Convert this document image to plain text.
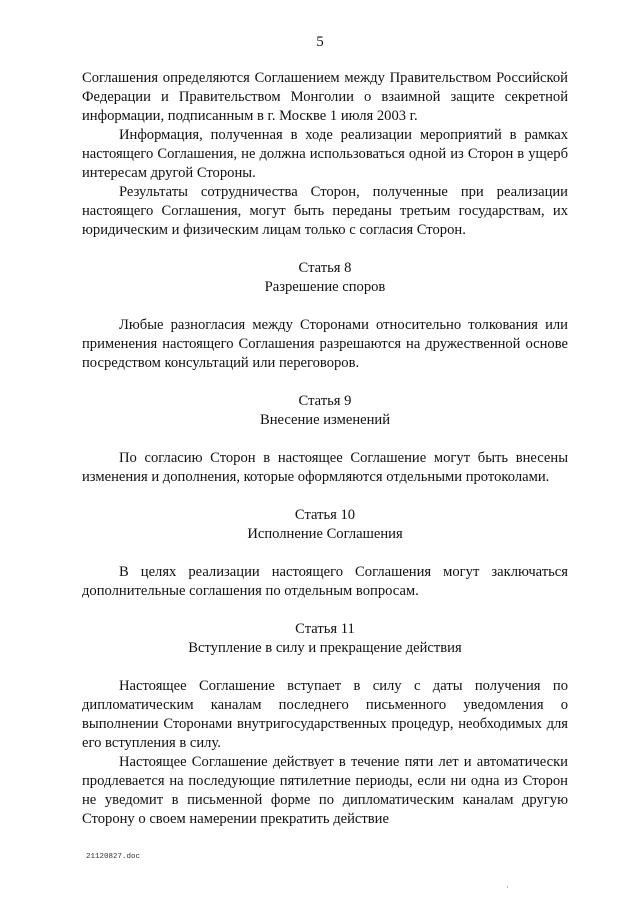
5

Соглашения определяются Соглашением между Правительством Российской Федерации и Правительством Монголии о взаимной защите секретной информации, подписанным в г. Москве 1 июля 2003 г.

Информация, полученная в ходе реализации мероприятий в рамках настоящего Соглашения, не должна использоваться одной из Сторон в ущерб интересам другой Стороны.

Результаты сотрудничества Сторон, полученные при реализации настоящего Соглашения, могут быть переданы третьим государствам, их юридическим и физическим лицам только с согласия Сторон.

Статья 8

Разрешение споров

Любые разногласия между Сторонами относительно толкования или применения настоящего Соглашения разрешаются на дружественной основе посредством консультаций или переговоров.

Статья 9

Внесение изменений

По согласию Сторон в настоящее Соглашение могут быть внесены изменения и дополнения, которые оформляются отдельными протоколами.

Статья 10

Исполнение Соглашения

В целях реализации настоящего Соглашения могут заключаться дополнительные соглашения по отдельным вопросам.

Статья 11

Вступление в силу и прекращение действия

Настоящее Соглашение вступает в силу с даты получения по дипломатическим каналам последнего письменного уведомления о выполнении Сторонами внутригосударственных процедур, необходимых для его вступления в силу.

Настоящее Соглашение действует в течение пяти лет и автоматически продлевается на последующие пятилетние периоды, если ни одна из Сторон не уведомит в письменной форме по дипломатическим каналам другую Сторону о своем намерении прекратить действие

21120827.doc
·
